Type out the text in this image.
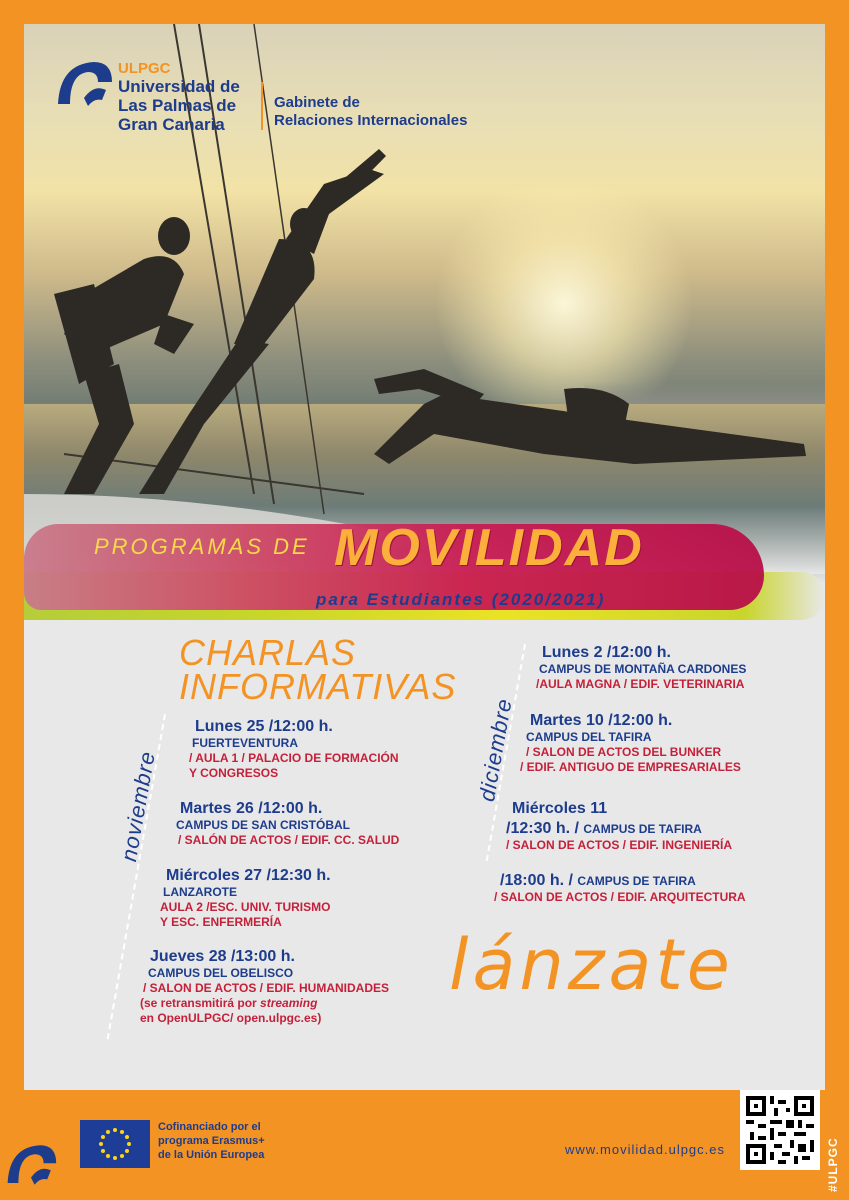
ULPGC
Universidad de
Las Palmas de
Gran Canaria
Gabinete de
Relaciones Internacionales
PROGRAMAS DE MOVILIDAD
para Estudiantes (2020/2021)
CHARLAS
INFORMATIVAS
noviembre	diciembre
Lunes 25 /12:00 h.
FUERTEVENTURA
/ AULA 1 / PALACIO DE FORMACIÓN
Y CONGRESOS
Martes 26 /12:00 h.
CAMPUS DE SAN CRISTÓBAL
/ SALÓN DE ACTOS / EDIF. CC. SALUD
Miércoles 27 /12:30 h.
LANZAROTE
AULA 2 /ESC. UNIV. TURISMO
Y ESC. ENFERMERÍA
Jueves 28 /13:00 h.
CAMPUS DEL OBELISCO
/ SALON DE ACTOS / EDIF. HUMANIDADES
(se retransmitirá por streaming
en OpenULPGC/ open.ulpgc.es)
Lunes 2 /12:00 h.
CAMPUS DE MONTAÑA CARDONES
/AULA MAGNA / EDIF. VETERINARIA
Martes 10 /12:00 h.
CAMPUS DEL TAFIRA
/ SALON DE ACTOS DEL BUNKER
/ EDIF. ANTIGUO DE EMPRESARIALES
Miércoles 11
/12:30 h. / CAMPUS DE TAFIRA
/ SALON DE ACTOS / EDIF. INGENIERÍA
/18:00 h. / CAMPUS DE TAFIRA
/ SALON DE ACTOS / EDIF. ARQUITECTURA
lánzate
Cofinanciado por el
programa Erasmus+
de la Unión Europea	www.movilidad.ulpgc.es	#ULPGC
